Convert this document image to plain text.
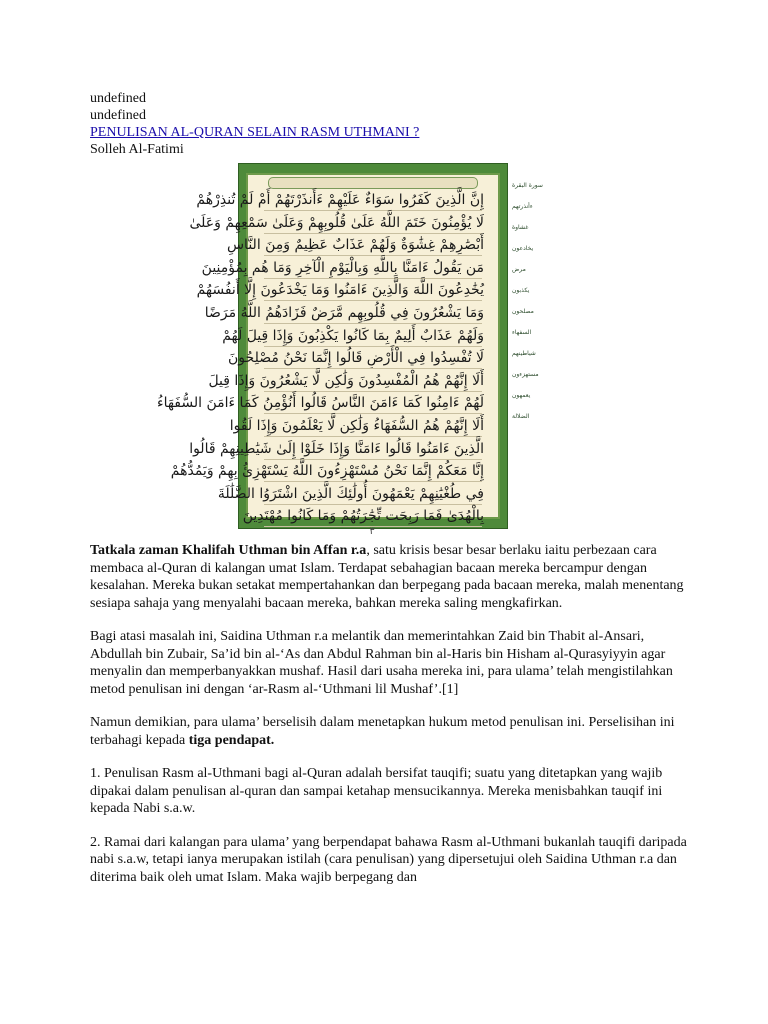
undefined

undefined

PENULISAN AL-QURAN SELAIN RASM UTHMANI ?

Solleh Al-Fatimi

إِنَّ الَّذِينَ كَفَرُوا سَوَاءٌ عَلَيْهِمْ ءَأَنذَرْتَهُمْ أَمْ لَمْ تُنذِرْهُمْ
لَا يُؤْمِنُونَ خَتَمَ اللَّهُ عَلَىٰ قُلُوبِهِمْ وَعَلَىٰ سَمْعِهِمْ وَعَلَىٰ
أَبْصَٰرِهِمْ غِشَٰوَةٌ وَلَهُمْ عَذَابٌ عَظِيمٌ وَمِنَ النَّاسِ
مَن يَقُولُ ءَامَنَّا بِاللَّهِ وَبِالْيَوْمِ الْآخِرِ وَمَا هُم بِمُؤْمِنِينَ
يُخَٰدِعُونَ اللَّهَ وَالَّذِينَ ءَامَنُوا وَمَا يَخْدَعُونَ إِلَّا أَنفُسَهُمْ
وَمَا يَشْعُرُونَ فِي قُلُوبِهِم مَّرَضٌ فَزَادَهُمُ اللَّهُ مَرَضًا
وَلَهُمْ عَذَابٌ أَلِيمٌ بِمَا كَانُوا يَكْذِبُونَ وَإِذَا قِيلَ لَهُمْ
لَا تُفْسِدُوا فِي الْأَرْضِ قَالُوا إِنَّمَا نَحْنُ مُصْلِحُونَ
أَلَا إِنَّهُمْ هُمُ الْمُفْسِدُونَ وَلَٰكِن لَّا يَشْعُرُونَ وَإِذَا قِيلَ
لَهُمْ ءَامِنُوا كَمَا ءَامَنَ النَّاسُ قَالُوا أَنُؤْمِنُ كَمَا ءَامَنَ السُّفَهَاءُ
أَلَا إِنَّهُمْ هُمُ السُّفَهَاءُ وَلَٰكِن لَّا يَعْلَمُونَ وَإِذَا لَقُوا
الَّذِينَ ءَامَنُوا قَالُوا ءَامَنَّا وَإِذَا خَلَوْا إِلَىٰ شَيَٰطِينِهِمْ قَالُوا
إِنَّا مَعَكُمْ إِنَّمَا نَحْنُ مُسْتَهْزِءُونَ اللَّهُ يَسْتَهْزِئُ بِهِمْ وَيَمُدُّهُمْ
فِي طُغْيَٰنِهِمْ يَعْمَهُونَ أُولَٰئِكَ الَّذِينَ اشْتَرَوُا الضَّلَٰلَةَ
بِالْهُدَىٰ فَمَا رَبِحَت تِّجَٰرَتُهُمْ وَمَا كَانُوا مُهْتَدِينَ
٣
سورة البقرة
ءأنذرتهم
غشاوة
يخادعون
مرض
يكذبون
مصلحون
السفهاء
شياطينهم
مستهزءون
يعمهون
الضلالة

Tatkala zaman Khalifah Uthman bin Affan r.a, satu krisis besar besar berlaku iaitu perbezaan cara membaca al-Quran di kalangan umat Islam. Terdapat sebahagian bacaan mereka bercampur dengan kesalahan. Mereka bukan setakat mempertahankan dan berpegang pada bacaan mereka, malah menentang sesiapa sahaja yang menyalahi bacaan mereka, bahkan mereka saling mengkafirkan.

Bagi atasi masalah ini, Saidina Uthman r.a melantik dan memerintahkan Zaid bin Thabit al-Ansari, Abdullah bin Zubair, Sa’id bin al-‘As dan Abdul Rahman bin al-Haris bin Hisham al-Qurasyiyyin agar menyalin dan memperbanyakkan mushaf. Hasil dari usaha mereka ini, para ulama’ telah mengistilahkan metod penulisan ini dengan ‘ar-Rasm al-‘Uthmani lil Mushaf’.[1]

Namun demikian, para ulama’ berselisih dalam menetapkan hukum metod penulisan ini. Perselisihan ini terbahagi kepada tiga pendapat.

1. Penulisan Rasm al-Uthmani bagi al-Quran adalah bersifat tauqifi; suatu yang ditetapkan yang wajib dipakai dalam penulisan al-quran dan sampai ketahap mensucikannya. Mereka menisbahkan tauqif ini kepada Nabi s.a.w.

2. Ramai dari kalangan para ulama’ yang berpendapat bahawa Rasm al-Uthmani bukanlah tauqifi daripada nabi s.a.w, tetapi ianya merupakan istilah (cara penulisan) yang dipersetujui oleh Saidina Uthman r.a dan diterima baik oleh umat Islam. Maka wajib berpegang dan
